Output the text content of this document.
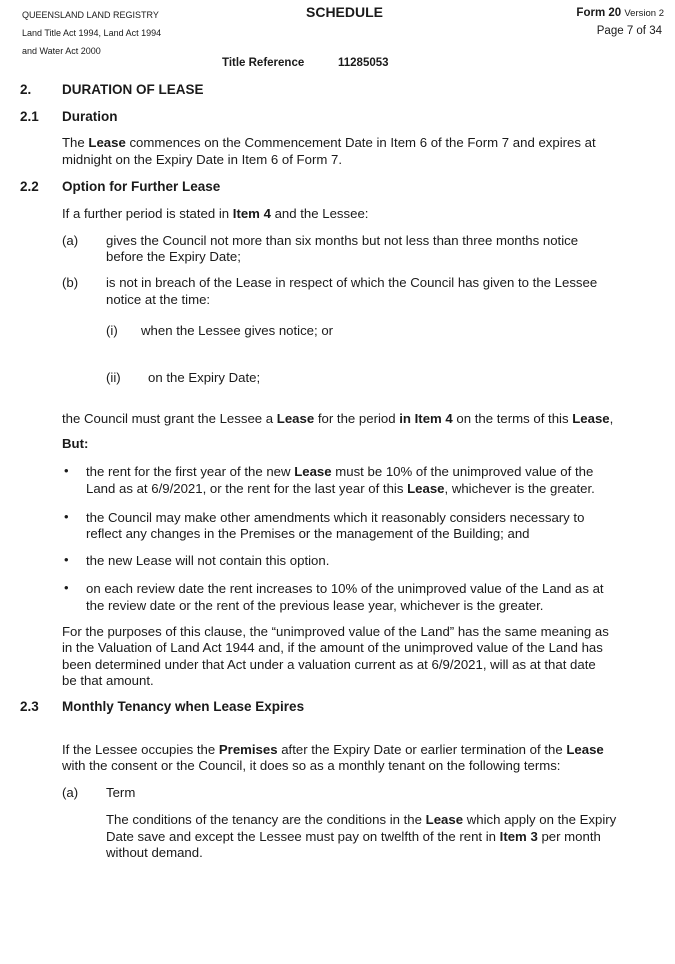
QUEENSLAND LAND REGISTRY
Land Title Act 1994, Land Act 1994
and Water Act 2000
SCHEDULE	Form 20 Version 2
Page 7 of 34
Title Reference	11285053
2. DURATION OF LEASE
2.1 Duration
The Lease commences on the Commencement Date in Item 6 of the Form 7 and expires at
midnight on the Expiry Date in Item 6 of Form 7.
2.2 Option for Further Lease
If a further period is stated in Item 4 and the Lessee:
(a) gives the Council not more than six months but not less than three months notice
before the Expiry Date;
(b) is not in breach of the Lease in respect of which the Council has given to the Lessee
notice at the time:
(i) when the Lessee gives notice; or
(ii) on the Expiry Date;
the Council must grant the Lessee a Lease for the period in Item 4 on the terms of this Lease,
But:
• the rent for the first year of the new Lease must be 10% of the unimproved value of the
Land as at 6/9/2021, or the rent for the last year of this Lease, whichever is the greater.
• the Council may make other amendments which it reasonably considers necessary to
reflect any changes in the Premises or the management of the Building; and
• the new Lease will not contain this option.
• on each review date the rent increases to 10% of the unimproved value of the Land as at
the review date or the rent of the previous lease year, whichever is the greater.
For the purposes of this clause, the “unimproved value of the Land” has the same meaning as
in the Valuation of Land Act 1944 and, if the amount of the unimproved value of the Land has
been determined under that Act under a valuation current as at 6/9/2021, will as at that date
be that amount.
2.3 Monthly Tenancy when Lease Expires
If the Lessee occupies the Premises after the Expiry Date or earlier termination of the Lease
with the consent or the Council, it does so as a monthly tenant on the following terms:
(a) Term
The conditions of the tenancy are the conditions in the Lease which apply on the Expiry
Date save and except the Lessee must pay on twelfth of the rent in Item 3 per month
without demand.
